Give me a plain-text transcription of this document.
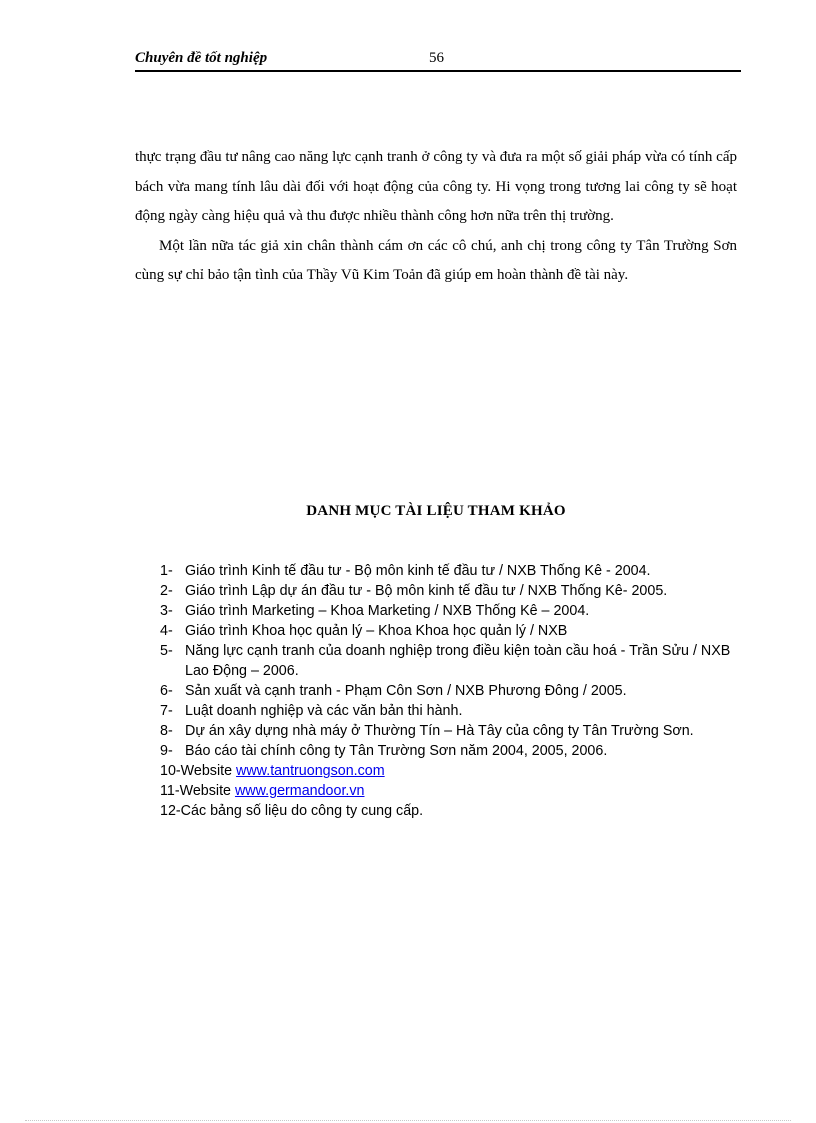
Chuyên đề tốt nghiệp	56

thực trạng đầu tư nâng cao năng lực cạnh tranh ở công ty và đưa ra một số giải pháp vừa có tính cấp bách vừa mang tính lâu dài đối với hoạt động của công ty. Hi vọng trong tương lai công ty sẽ hoạt động ngày càng hiệu quả và thu được nhiều thành công hơn nữa trên thị trường.

Một lần nữa tác giả xin chân thành cám ơn các cô chú, anh chị trong công ty Tân Trường Sơn cùng sự chỉ bảo tận tình của Thầy Vũ Kim Toản đã giúp em hoàn thành đề tài này.

DANH MỤC TÀI LIỆU THAM KHẢO
1- Giáo trình Kinh tế đầu tư - Bộ môn kinh tế đầu tư / NXB Thống Kê - 2004.
2- Giáo trình Lập dự án đầu tư - Bộ môn kinh tế đầu tư / NXB Thống Kê- 2005.
3- Giáo trình Marketing – Khoa Marketing / NXB Thống Kê – 2004.
4- Giáo trình Khoa học quản lý – Khoa Khoa học quản lý / NXB
5- Năng lực cạnh tranh của doanh nghiệp trong điều kiện toàn cầu hoá - Trần Sửu / NXB Lao Động – 2006.
6- Sản xuất và cạnh tranh - Phạm Côn Sơn / NXB Phương Đông / 2005.
7- Luật doanh nghiệp và các văn bản thi hành.
8- Dự án xây dựng nhà máy ở Thường Tín – Hà Tây của công ty Tân Trường Sơn.
9- Báo cáo tài chính công ty Tân Trường Sơn năm 2004, 2005, 2006.
10- Website www.tantruongson.com
11- Website www.germandoor.vn
12- Các bảng số liệu do công ty cung cấp.
